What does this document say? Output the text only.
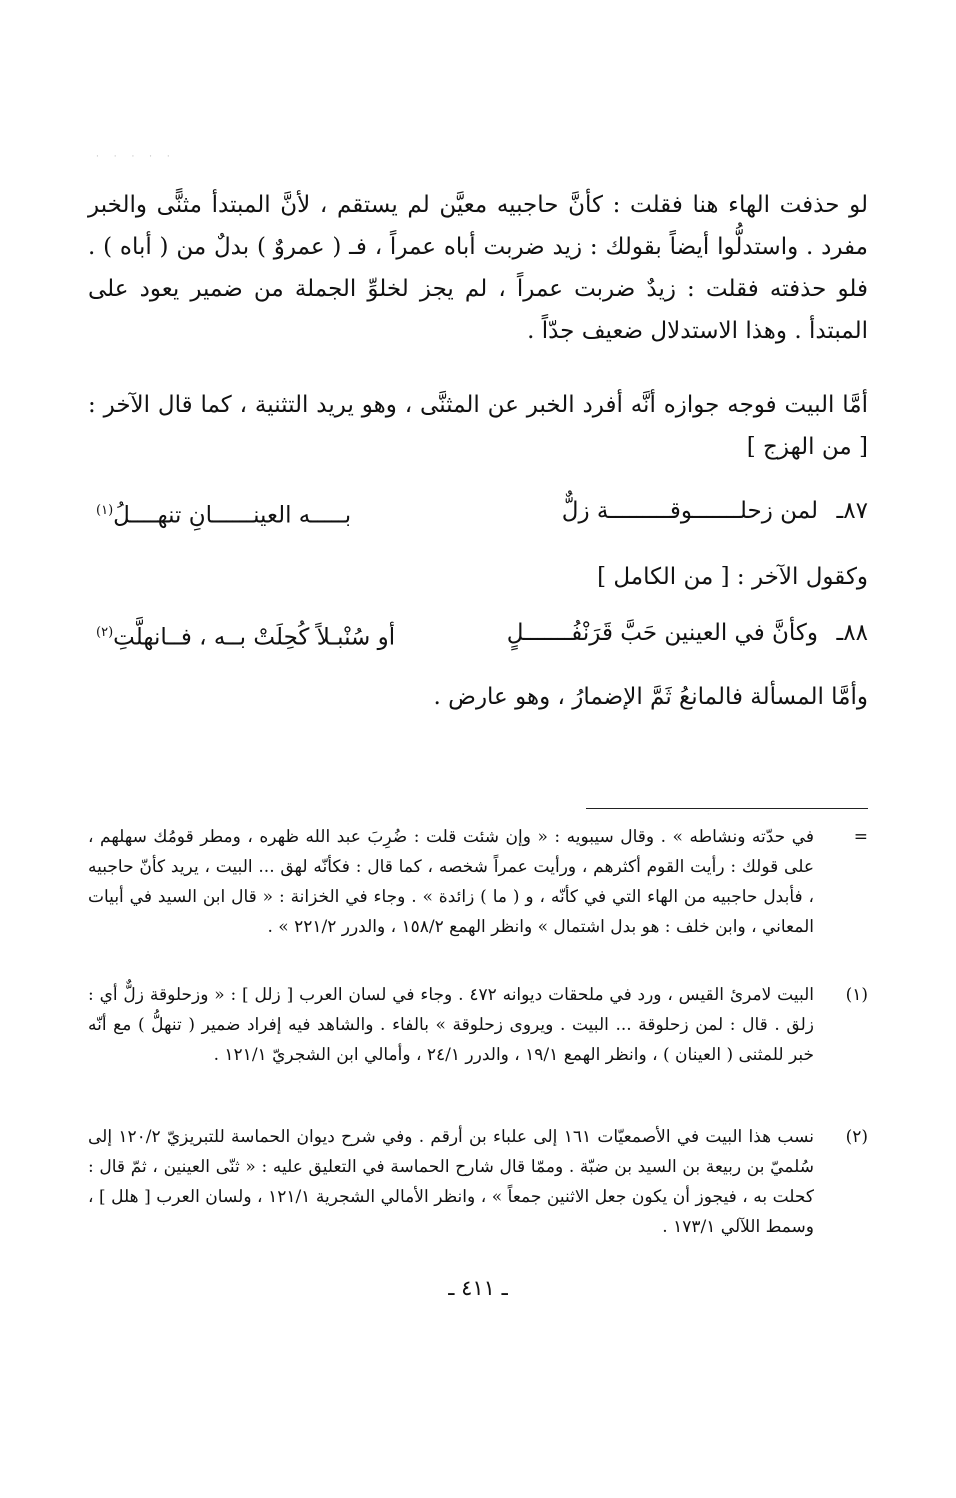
· · · · ·

لو حذفت الهاء هنا فقلت : كأنَّ حاجبيه معيَّن لم يستقم ، لأنَّ المبتدأ مثنًّى والخبر مفرد . واستدلُّوا أيضاً بقولك : زيد ضربت أباه عمراً ، فـ ( عمروٌ ) بدلٌ من ( أباه ) . فلو حذفته فقلت : زيدٌ ضربت عمراً ، لم يجز لخلوِّ الجملة من ضمير يعود على المبتدأ . وهذا الاستدلال ضعيف جدّاً .

أمَّا البيت فوجه جوازه أنَّه أفرد الخبر عن المثنَّى ، وهو يريد التثنية ، كما قال الآخر : [ من الهزج ]

٨٧ـ
لمن زحلـــــــوقـــــــــة زلٌّ
بـــــه العينــــــانِ تنهــــلُ$^{(١)}$
وكقول الآخر : [ من الكامل ]
٨٨ـ
وكأنَّ في العينين حَبَّ قَرَنْفُـــــــلٍ
أو سُنْبـلاً كُحِلَتْ بــه ، فــانهلَّتِ$^{(٢)}$
وأمَّا المسألة فالمانعُ ثَمَّ الإضمارُ ، وهو عارض .
=
في حدّته ونشاطه » . وقال سيبويه : « وإن شئت قلت : ضُرِبَ عبد الله ظهره ، ومطر قومُك سهلهم ، على قولك : رأيت القوم أكثرهم ، ورأيت عمراً شخصه ، كما قال : فكأنّه لهق ... البيت ، يريد كأنّ حاجبيه ، فأبدل حاجبيه من الهاء التي في كأنّه ، و ( ما ) زائدة » . وجاء في الخزانة : « قال ابن السيد في أبيات المعاني ، وابن خلف : هو بدل اشتمال » وانظر الهمع ١٥٨/٢ ، والدرر ٢٢١/٢ » .
(١)
البيت لامرئ القيس ، ورد في ملحقات ديوانه ٤٧٢ . وجاء في لسان العرب [ زلل ] : « وزحلوقة زلٌّ أي : زلق . قال : لمن زحلوقة ... البيت . ويروى زحلوقة » بالفاء . والشاهد فيه إفراد ضمير ( تنهلُّ ) مع أنّه خبر للمثنى ( العينان ) ، وانظر الهمع ١٩/١ ، والدرر ٢٤/١ ، وأمالي ابن الشجريّ ١٢١/١ .
(٢)
نسب هذا البيت في الأصمعيّات ١٦١ إلى علباء بن أرقم . وفي شرح ديوان الحماسة للتبريزيّ ١٢٠/٢ إلى سُلميّ بن ربيعة بن السيد بن ضبّة . وممّا قال شارح الحماسة في التعليق عليه : « ثنّى العينين ، ثمّ قال : كحلت به ، فيجوز أن يكون جعل الاثنين جمعاً » ، وانظر الأمالي الشجرية ١٢١/١ ، ولسان العرب [ هلل ] ، وسمط اللآلي ١٧٣/١ .
ـ ٤١١ ـ
